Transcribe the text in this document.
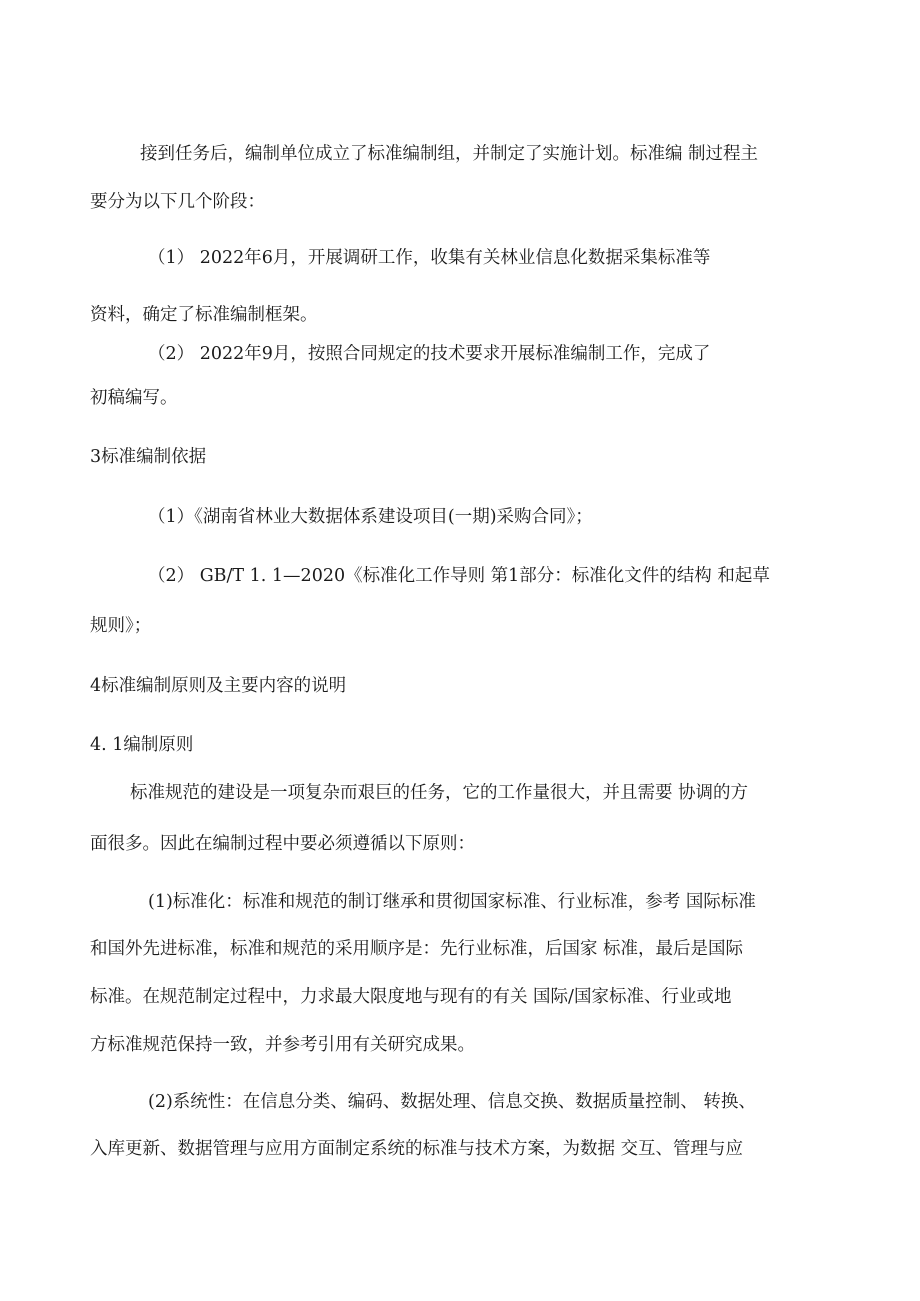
接到任务后，编制单位成立了标准编制组，并制定了实施计划。标准编 制过程主
要分为以下几个阶段：
（1） 2022年6月，开展调研工作，收集有关林业信息化数据采集标准等
资料，确定了标准编制框架。
（2） 2022年9月，按照合同规定的技术要求开展标准编制工作，完成了
初稿编写。
3标准编制依据
（1）《湖南省林业大数据体系建设项目(一期)采购合同》；
（2） GB/T 1. 1—2020《标准化工作导则 第1部分：标准化文件的结构 和起草
规则》；
4标准编制原则及主要内容的说明
4. 1编制原则
标准规范的建设是一项复杂而艰巨的任务，它的工作量很大，并且需要 协调的方
面很多。因此在编制过程中要必须遵循以下原则：
(1)标准化：标准和规范的制订继承和贯彻国家标准、行业标准，参考 国际标准
和国外先进标准，标准和规范的采用顺序是：先行业标准，后国家 标准，最后是国际
标准。在规范制定过程中，力求最大限度地与现有的有关 国际/国家标准、行业或地
方标准规范保持一致，并参考引用有关研究成果。
(2)系统性：在信息分类、编码、数据处理、信息交换、数据质量控制、 转换、
入库更新、数据管理与应用方面制定系统的标准与技术方案，为数据 交互、管理与应
